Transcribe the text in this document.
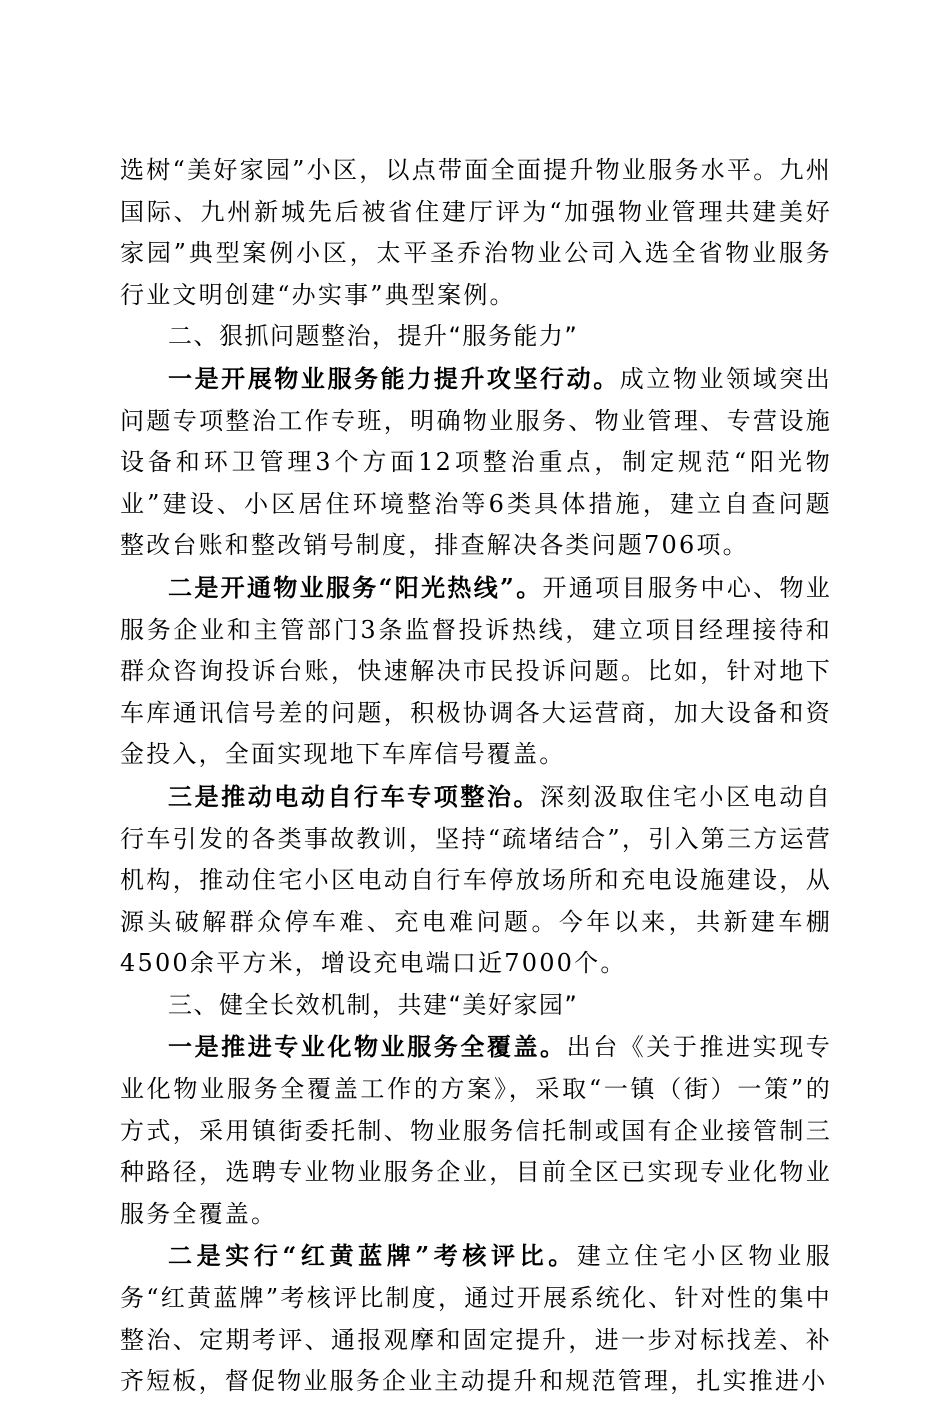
选树“美好家园”小区，以点带面全面提升物业服务水平。九州国际、九州新城先后被省住建厅评为“加强物业管理共建美好家园”典型案例小区，太平圣乔治物业公司入选全省物业服务行业文明创建“办实事”典型案例。

二、狠抓问题整治，提升“服务能力”

一是开展物业服务能力提升攻坚行动。成立物业领域突出问题专项整治工作专班，明确物业服务、物业管理、专营设施设备和环卫管理3个方面12项整治重点，制定规范“阳光物业”建设、小区居住环境整治等6类具体措施，建立自查问题整改台账和整改销号制度，排查解决各类问题706项。

二是开通物业服务“阳光热线”。开通项目服务中心、物业服务企业和主管部门3条监督投诉热线，建立项目经理接待和群众咨询投诉台账，快速解决市民投诉问题。比如，针对地下车库通讯信号差的问题，积极协调各大运营商，加大设备和资金投入，全面实现地下车库信号覆盖。

三是推动电动自行车专项整治。深刻汲取住宅小区电动自行车引发的各类事故教训，坚持“疏堵结合”，引入第三方运营机构，推动住宅小区电动自行车停放场所和充电设施建设，从源头破解群众停车难、充电难问题。今年以来，共新建车棚4500余平方米，增设充电端口近7000个。

三、健全长效机制，共建“美好家园”

一是推进专业化物业服务全覆盖。出台《关于推进实现专业化物业服务全覆盖工作的方案》，采取“一镇（街）一策”的方式，采用镇街委托制、物业服务信托制或国有企业接管制三种路径，选聘专业物业服务企业，目前全区已实现专业化物业服务全覆盖。

二是实行“红黄蓝牌”考核评比。建立住宅小区物业服务“红黄蓝牌”考核评比制度，通过开展系统化、针对性的集中整治、定期考评、通报观摩和固定提升，进一步对标找差、补齐短板，督促物业服务企业主动提升和规范管理，扎实推进小
